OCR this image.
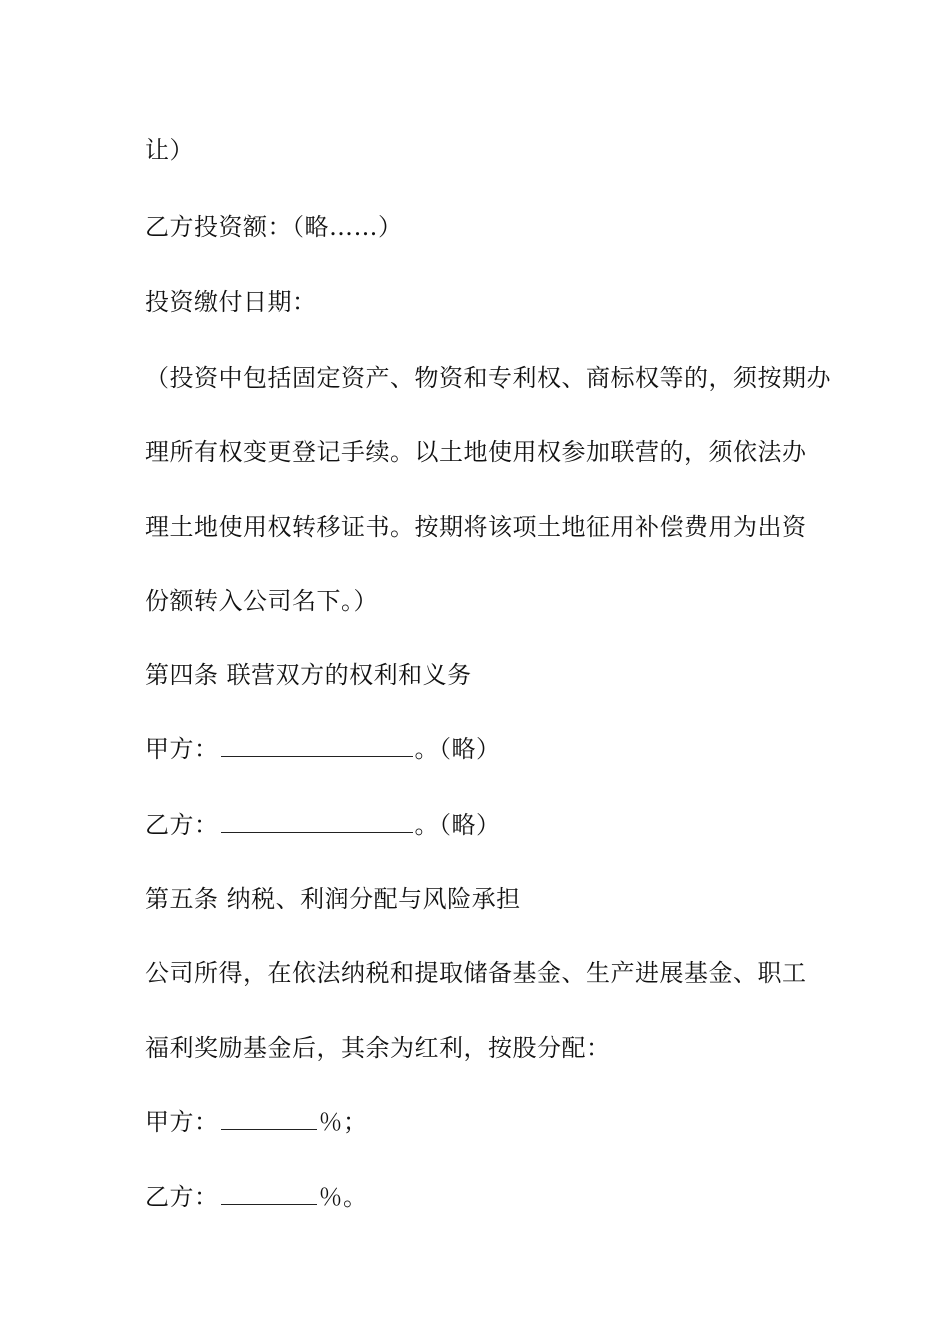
让）
乙方投资额：（略……）
投资缴付日期：
（投资中包括固定资产、物资和专利权、商标权等的，须按期办
理所有权变更登记手续。以土地使用权参加联营的，须依法办
理土地使用权转移证书。按期将该项土地征用补偿费用为出资
份额转入公司名下。）
第四条 联营双方的权利和义务
甲方：	。（略）
乙方：	。（略）
第五条 纳税、利润分配与风险承担
公司所得，在依法纳税和提取储备基金、生产进展基金、职工
福利奖励基金后，其余为红利，按股分配：
甲方：	％；
乙方：	％。
